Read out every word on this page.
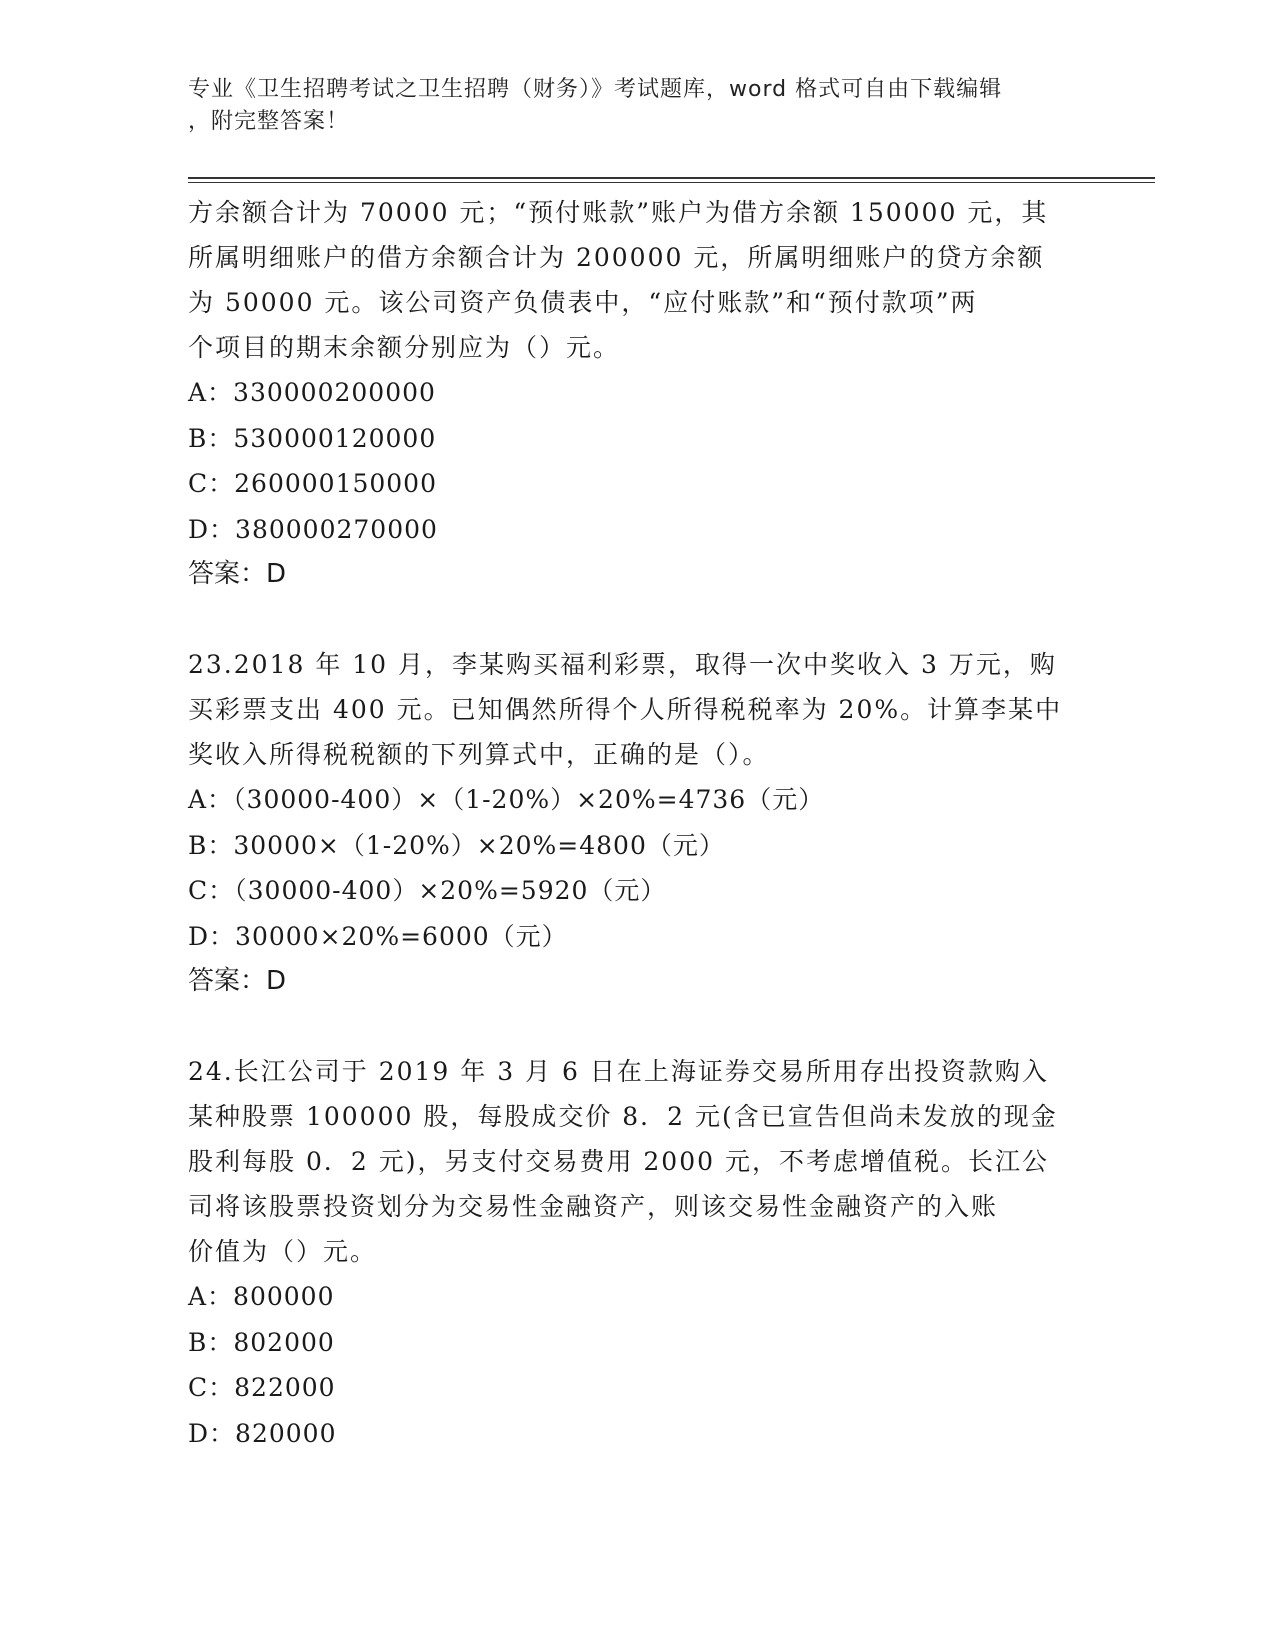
专业《卫生招聘考试之卫生招聘（财务）》考试题库，word 格式可自由下载编辑
，附完整答案！

方余额合计为 70000 元；“预付账款”账户为借方余额 150000 元，其

所属明细账户的借方余额合计为 200000 元，所属明细账户的贷方余额

为 50000 元。该公司资产负债表中，“应付账款”和“预付款项”两

个项目的期末余额分别应为（）元。

A：330000200000

B：530000120000

C：260000150000

D：380000270000

答案：D

23.2018 年 10 月，李某购买福利彩票，取得一次中奖收入 3 万元，购

买彩票支出 400 元。已知偶然所得个人所得税税率为 20%。计算李某中

奖收入所得税税额的下列算式中，正确的是（）。

A：（30000-400）×（1-20%）×20%=4736（元）

B：30000×（1-20%）×20%=4800（元）

C：（30000-400）×20%=5920（元）

D：30000×20%=6000（元）

答案：D

24.长江公司于 2019 年 3 月 6 日在上海证券交易所用存出投资款购入

某种股票 100000 股，每股成交价 8．2 元(含已宣告但尚未发放的现金

股利每股 0．2 元)，另支付交易费用 2000 元，不考虑增值税。长江公

司将该股票投资划分为交易性金融资产，则该交易性金融资产的入账

价值为（）元。

A：800000

B：802000

C：822000

D：820000
